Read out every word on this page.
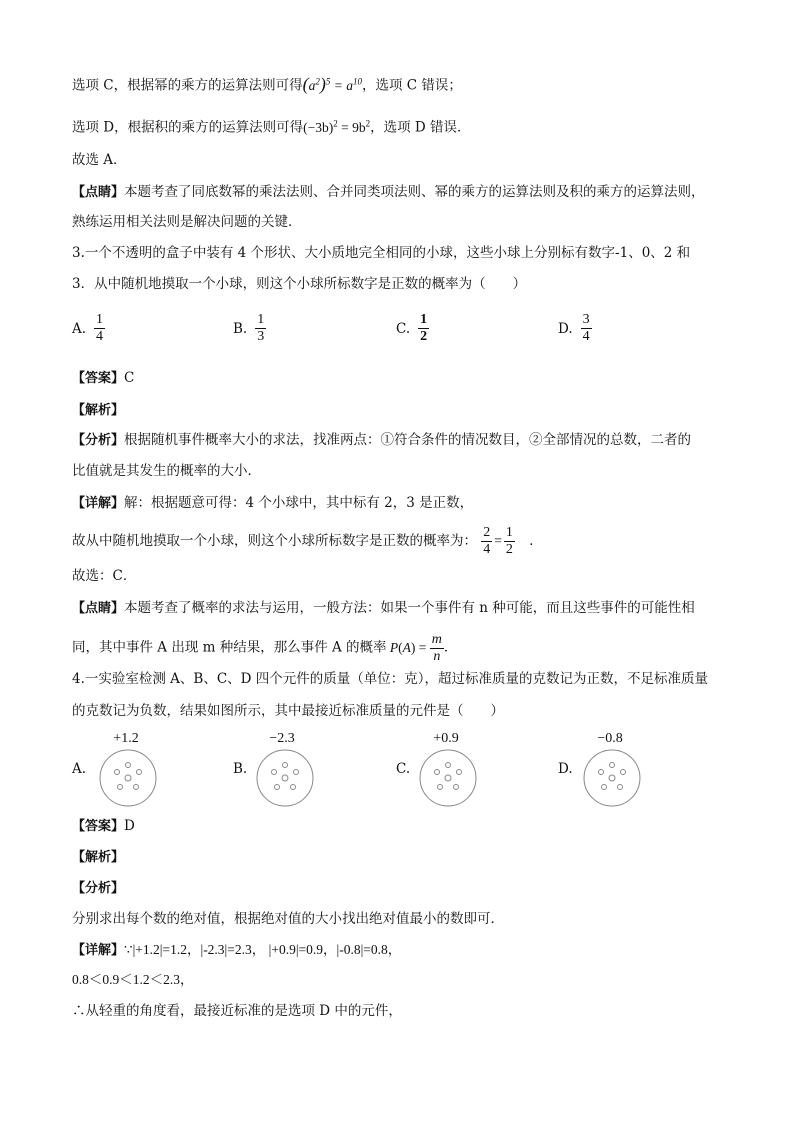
选项 C，根据幂的乘方的运算法则可得$(a^2)^5 = a^{10}$，选项 C 错误；
选项 D，根据积的乘方的运算法则可得$(-3b)^2 = 9b^2$，选项 D 错误．
故选 A．
【点睛】本题考查了同底数幂的乘法法则、合并同类项法则、幂的乘方的运算法则及积的乘方的运算法则，
熟练运用相关法则是解决问题的关键．
3.一个不透明的盒子中装有 4 个形状、大小质地完全相同的小球，这些小球上分别标有数字-1、0、2 和
3．从中随机地摸取一个小球，则这个小球所标数字是正数的概率为（　　）
A. $\frac{1}{4}$	B. $\frac{1}{3}$	C. $\frac{1}{2}$	D. $\frac{3}{4}$
【答案】C
【解析】
【分析】根据随机事件概率大小的求法，找准两点：①符合条件的情况数目，②全部情况的总数，二者的
比值就是其发生的概率的大小．
【详解】解：根据题意可得：4 个小球中，其中标有 2，3 是正数，
故从中随机地摸取一个小球，则这个小球所标数字是正数的概率为： $\frac{2}{4} = \frac{1}{2}$ ．
故选：C．
【点睛】本题考查了概率的求法与运用，一般方法：如果一个事件有 n 种可能，而且这些事件的可能性相
同，其中事件 A 出现 m 种结果，那么事件 A 的概率 $P(A) = \frac{m}{n}$ ．
4.一实验室检测 A、B、C、D 四个元件的质量（单位：克），超过标准质量的克数记为正数，不足标准质量
的克数记为负数，结果如图所示，其中最接近标准质量的元件是（　　）
+1.2
A.
−2.3
B.
+0.9
C.
−0.8
D.
【答案】D
【解析】
【分析】
分别求出每个数的绝对值，根据绝对值的大小找出绝对值最小的数即可．
【详解】∵|+1.2|=1.2，|-2.3|=2.3， |+0.9|=0.9，|-0.8|=0.8，
0.8＜0.9＜1.2＜2.3，
∴从轻重的角度看，最接近标准的是选项 D 中的元件，
